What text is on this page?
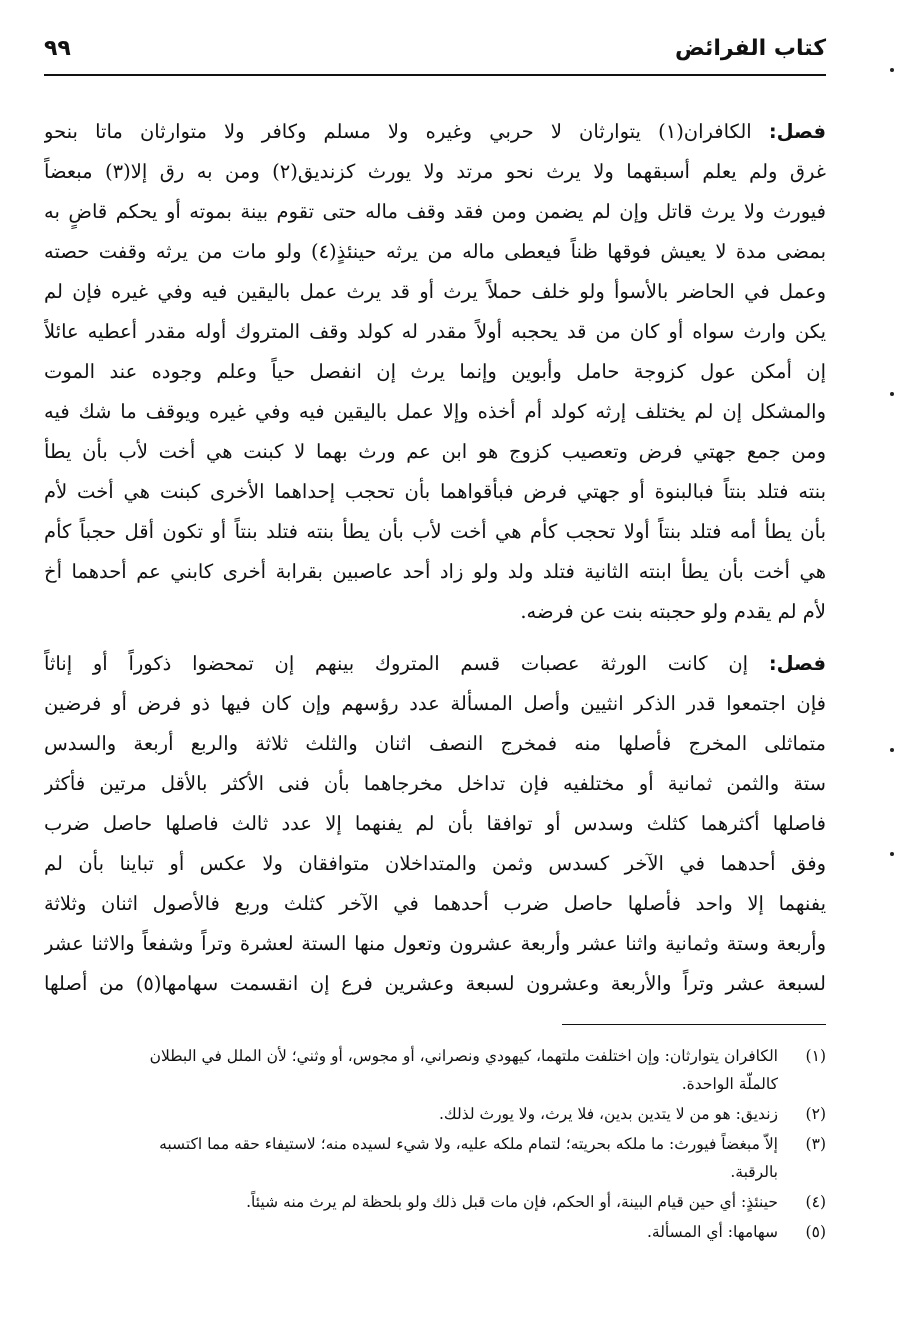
كتاب الفرائض
٩٩
فصل: الكافران(١) يتوارثان لا حربي وغيره ولا مسلم وكافر ولا متوارثان ماتا بنحو
غرق ولم يعلم أسبقهما ولا يرث نحو مرتد ولا يورث كزنديق(٢) ومن به رق إلا(٣) مبعضاً
فيورث ولا يرث قاتل وإن لم يضمن ومن فقد وقف ماله حتى تقوم بينة بموته أو يحكم قاضٍ به
بمضى مدة لا يعيش فوقها ظناً فيعطى ماله من يرثه حينئذٍ(٤) ولو مات من يرثه وقفت حصته
وعمل في الحاضر بالأسوأ ولو خلف حملاً يرث أو قد يرث عمل باليقين فيه وفي غيره فإن لم
يكن وارث سواه أو كان من قد يحجبه أولاً مقدر له كولد وقف المتروك أوله مقدر أعطيه عائلاً
إن أمكن عول كزوجة حامل وأبوين وإنما يرث إن انفصل حياً وعلم وجوده عند الموت
والمشكل إن لم يختلف إرثه كولد أم أخذه وإلا عمل باليقين فيه وفي غيره ويوقف ما شك فيه
ومن جمع جهتي فرض وتعصيب كزوج هو ابن عم ورث بهما لا كبنت هي أخت لأب بأن يطأ
بنته فتلد بنتاً فبالبنوة أو جهتي فرض فبأقواهما بأن تحجب إحداهما الأخرى كبنت هي أخت لأم
بأن يطأ أمه فتلد بنتاً أولا تحجب كأم هي أخت لأب بأن يطأ بنته فتلد بنتاً أو تكون أقل حجباً كأم
هي أخت بأن يطأ ابنته الثانية فتلد ولد ولو زاد أحد عاصبين بقرابة أخرى كابني عم أحدهما أخ
لأم لم يقدم ولو حجبته بنت عن فرضه.
فصل: إن كانت الورثة عصبات قسم المتروك بينهم إن تمحضوا ذكوراً أو إناثاً
فإن اجتمعوا قدر الذكر انثيين وأصل المسألة عدد رؤسهم وإن كان فيها ذو فرض أو فرضين
متماثلى المخرج فأصلها منه فمخرج النصف اثنان والثلث ثلاثة والربع أربعة والسدس
ستة والثمن ثمانية أو مختلفيه فإن تداخل مخرجاهما بأن فنى الأكثر بالأقل مرتين فأكثر
فاصلها أكثرهما كثلث وسدس أو توافقا بأن لم يفنهما إلا عدد ثالث فاصلها حاصل ضرب
وفق أحدهما في الآخر كسدس وثمن والمتداخلان متوافقان ولا عكس أو تباينا بأن لم
يفنهما إلا واحد فأصلها حاصل ضرب أحدهما في الآخر كثلث وربع فالأصول اثنان وثلاثة
وأربعة وستة وثمانية واثنا عشر وأربعة عشرون وتعول منها الستة لعشرة وتراً وشفعاً والاثنا عشر
لسبعة عشر وتراً والأربعة وعشرون لسبعة وعشرين فرع إن انقسمت سهامها(٥) من أصلها
(١)
الكافران يتوارثان: وإن اختلفت ملتهما، كيهودي ونصراني، أو مجوس، أو وثني؛ لأن الملل في البطلان
كالملّة الواحدة.
(٢)
زنديق: هو من لا يتدين بدين، فلا يرث، ولا يورث لذلك.
(٣)
إلاّ مبغضاً فيورث: ما ملكه بحريته؛ لتمام ملكه عليه، ولا شيء لسيده منه؛ لاستيفاء حقه مما اكتسبه
بالرقبة.
(٤)
حينئذٍ: أي حين قيام البينة، أو الحكم، فإن مات قبل ذلك ولو بلحظة لم يرث منه شيئاً.
(٥)
سهامها: أي المسألة.
